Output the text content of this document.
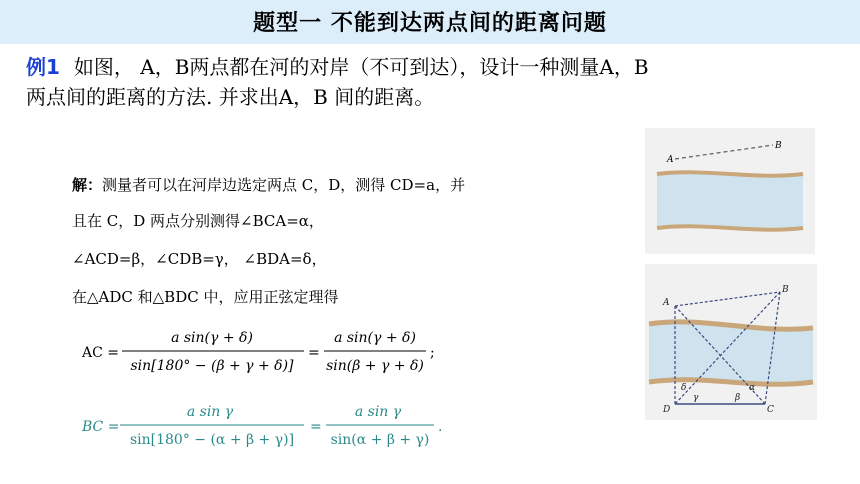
题型一 不能到达两点间的距离问题
例1 如图， A，B两点都在河的对岸（不可到达），设计一种测量A，B
两点间的距离的方法. 并求出A，B 间的距离。
解：测量者可以在河岸边选定两点 C，D，测得 CD=a，并
且在 C，D 两点分别测得∠BCA=α，
∠ACD=β，∠CDB=γ， ∠BDA=δ，
在△ADC 和△BDC 中，应用正弦定理得
AC =
a sin(γ + δ)
sin[180° − (β + γ + δ)]
=
a sin(γ + δ)
sin(β + γ + δ)
;
BC =
a sin γ
sin[180° − (α + β + γ)]
=
a sin γ
sin(α + β + γ)
.
A
B
A
B
C
D
α
β
γ
δ
